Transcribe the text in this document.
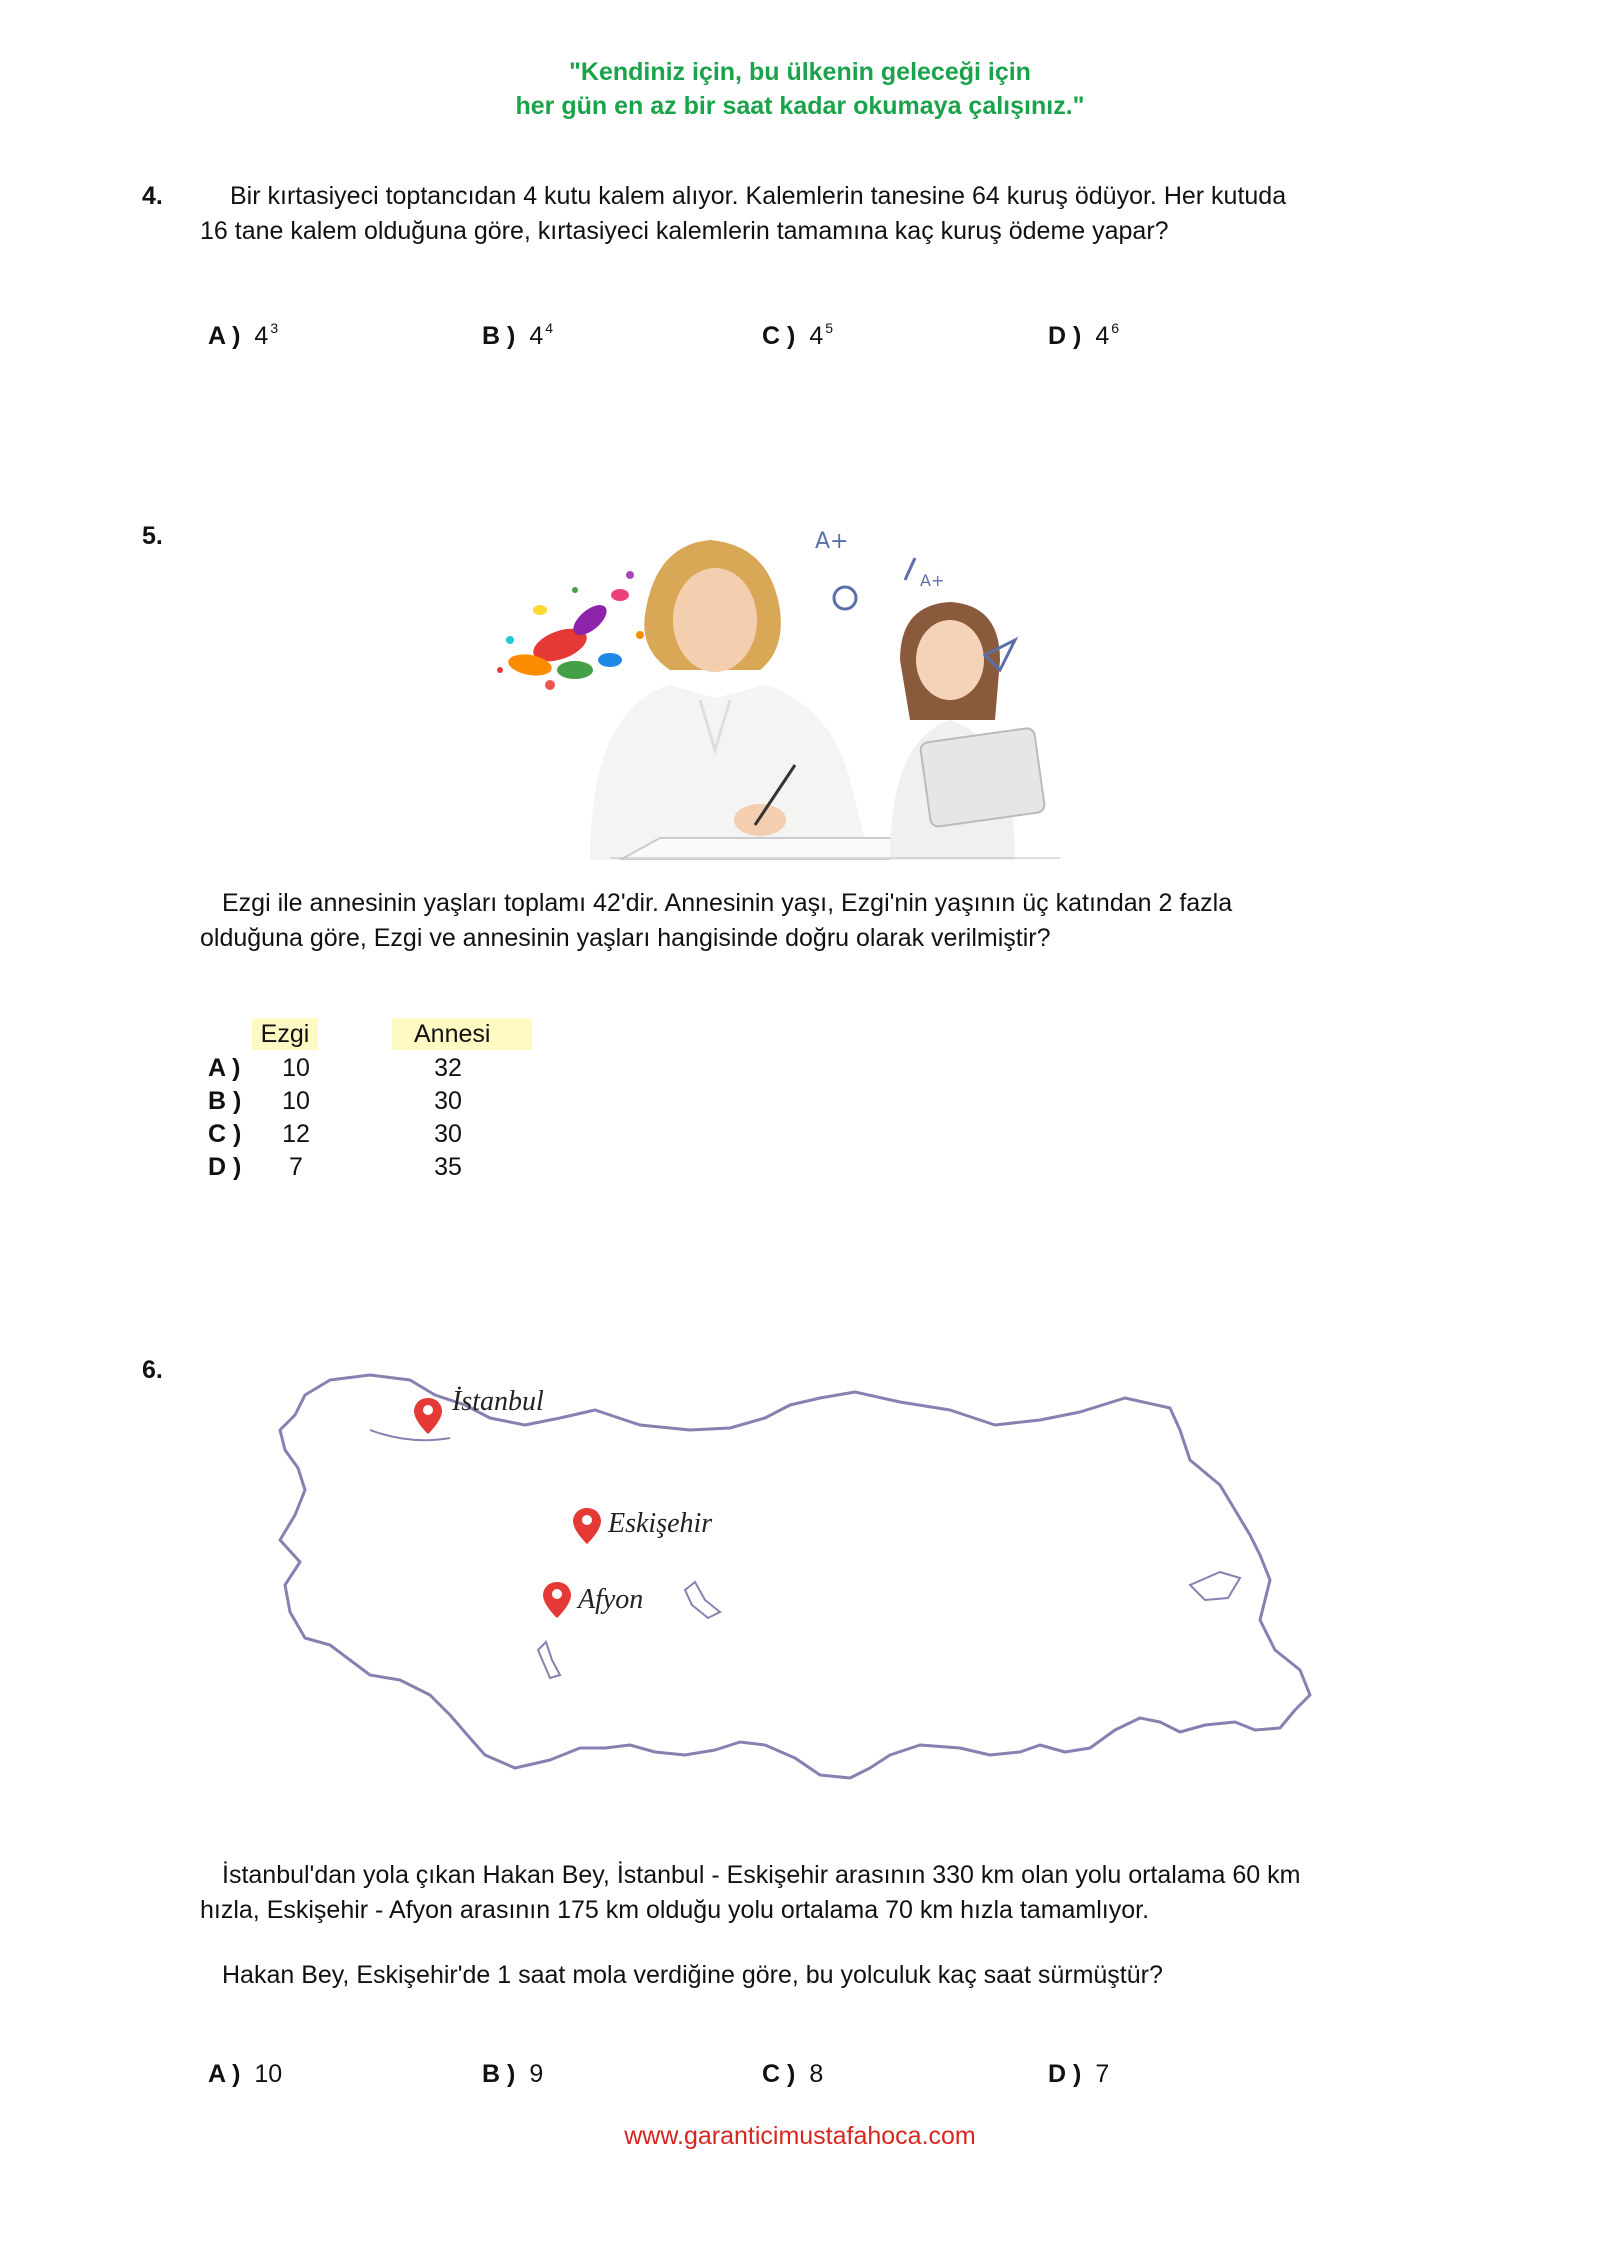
"Kendiniz için, bu ülkenin geleceği için
her gün en az bir saat kadar okumaya çalışınız."
4.	Bir kırtasiyeci toptancıdan 4 kutu kalem alıyor. Kalemlerin tanesine 64 kuruş ödüyor. Her kutuda
16 tane kalem olduğuna göre, kırtasiyeci kalemlerin tamamına kaç kuruş ödeme yapar?
A ) 4 $^3$	B ) 4 $^4$	C ) 4 $^5$	D ) 4 $^6$
5.	A+
A+
Ezgi ile annesinin yaşları toplamı 42'dir. Annesinin yaşı, Ezgi'nin yaşının üç katından 2 fazla
olduğuna göre, Ezgi ve annesinin yaşları hangisinde doğru olarak verilmiştir?
Ezgi	Annesi
A )	10	32
B )	10	30
C )	12	30
D )	7	35
6.
İstanbul
Eskişehir
Afyon
İstanbul'dan yola çıkan Hakan Bey, İstanbul - Eskişehir arasının 330 km olan yolu ortalama 60 km
hızla, Eskişehir - Afyon arasının 175 km olduğu yolu ortalama 70 km hızla tamamlıyor.
Hakan Bey, Eskişehir'de 1 saat mola verdiğine göre, bu yolculuk kaç saat sürmüştür?
A ) 10	B ) 9	C ) 8	D ) 7
www.garanticimustafahoca.com
